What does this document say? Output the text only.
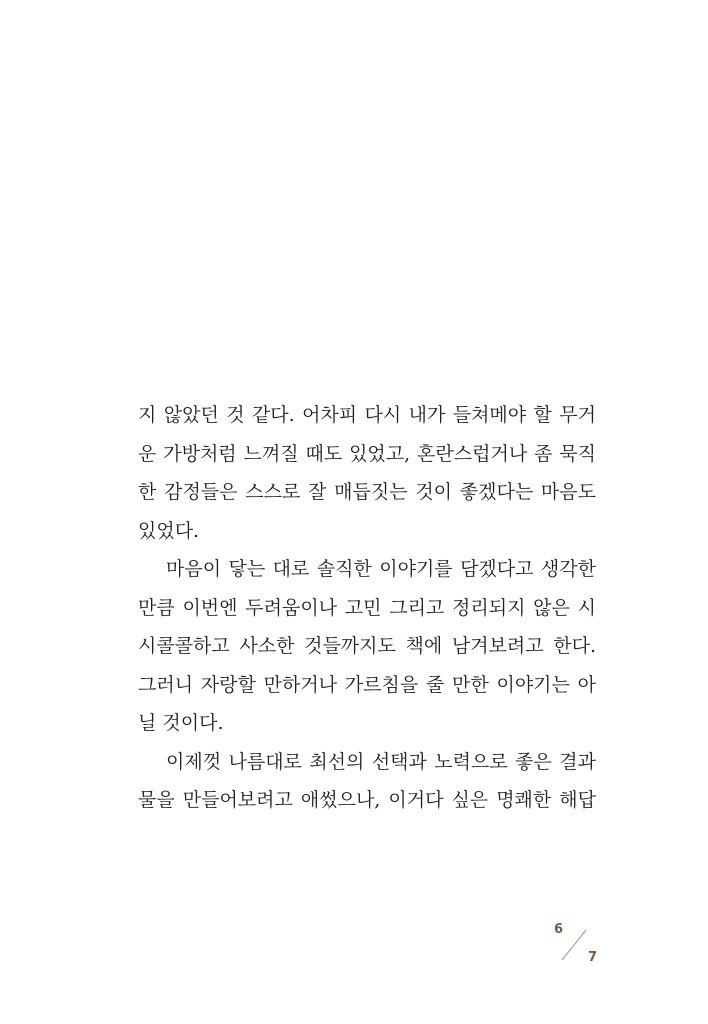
지 않았던 것 같다. 어차피 다시 내가 들쳐메야 할 무거
운 가방처럼 느껴질 때도 있었고, 혼란스럽거나 좀 묵직
한 감정들은 스스로 잘 매듭짓는 것이 좋겠다는 마음도
있었다.
마음이 닿는 대로 솔직한 이야기를 담겠다고 생각한
만큼 이번엔 두려움이나 고민 그리고 정리되지 않은 시
시콜콜하고 사소한 것들까지도 책에 남겨보려고 한다.
그러니 자랑할 만하거나 가르침을 줄 만한 이야기는 아
닐 것이다.
이제껏 나름대로 최선의 선택과 노력으로 좋은 결과
물을 만들어보려고 애썼으나, 이거다 싶은 명쾌한 해답
6
7
